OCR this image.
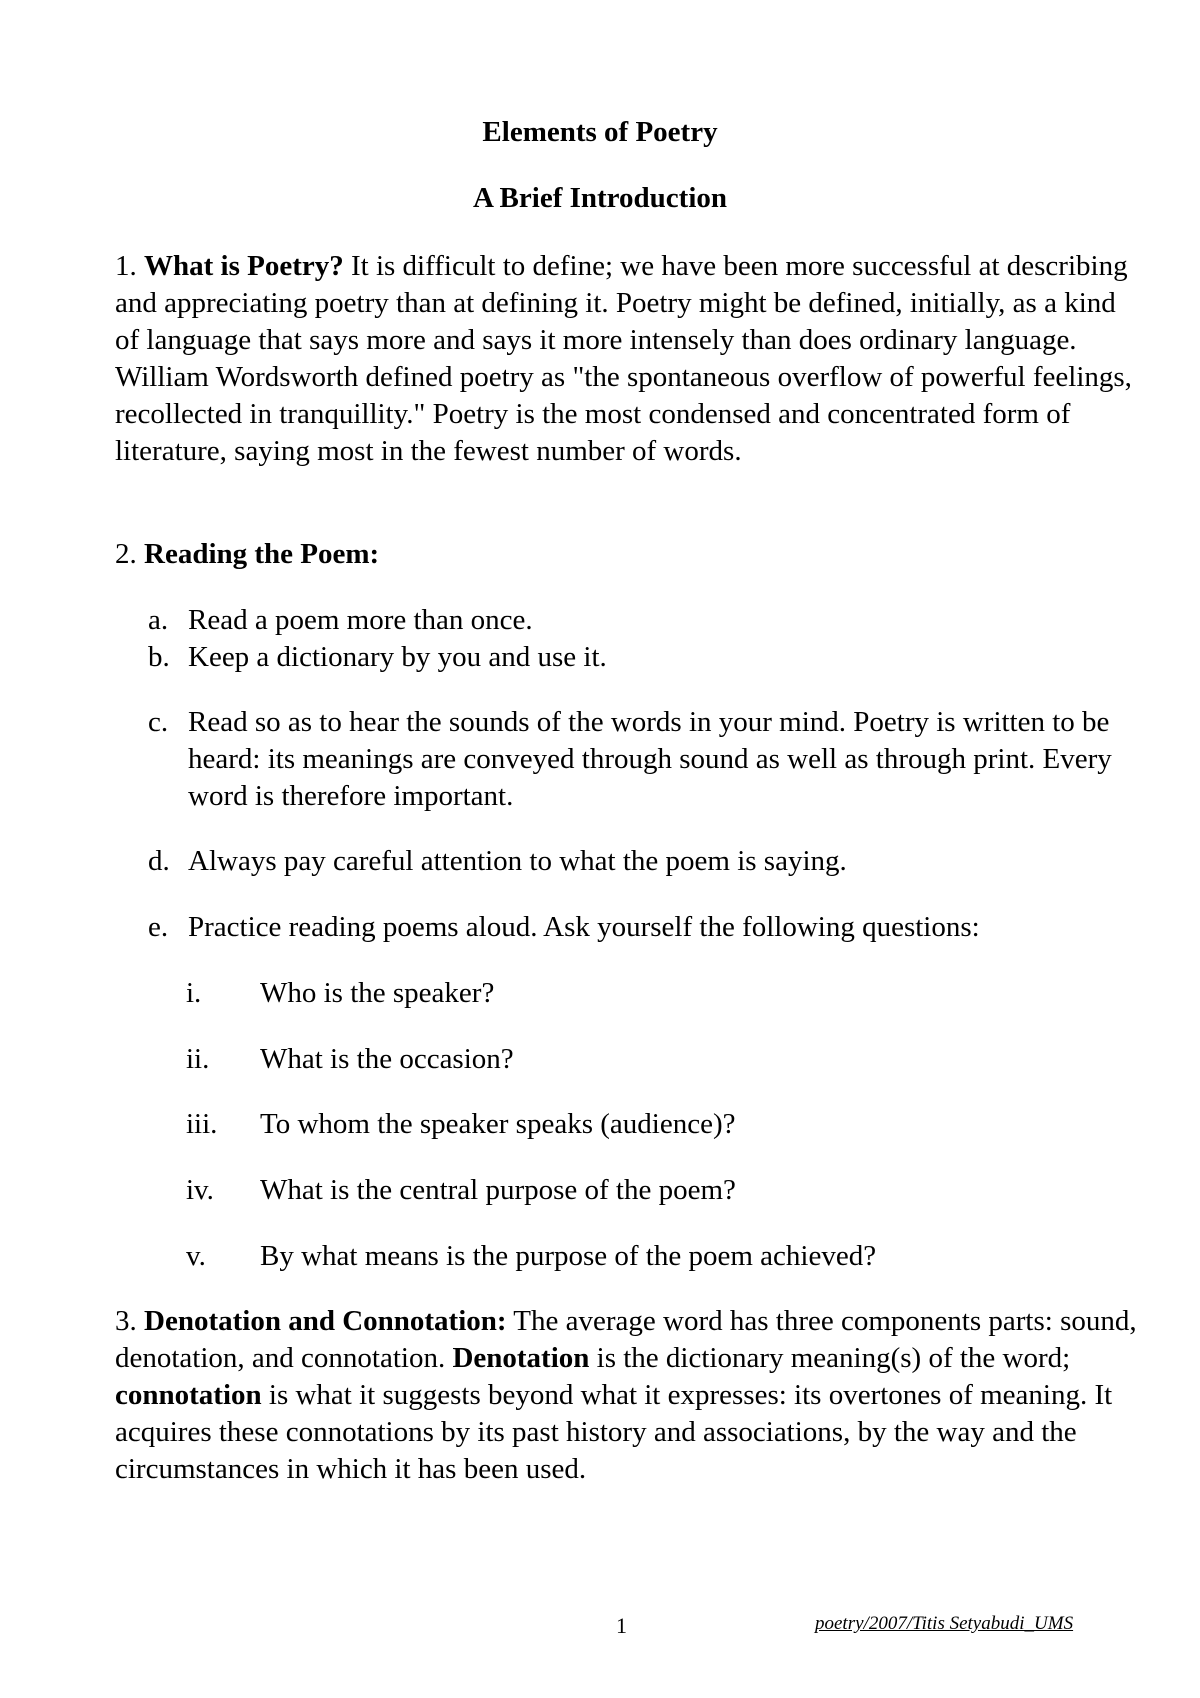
Elements of Poetry
A Brief Introduction

1. What is Poetry? It is difficult to define; we have been more successful at describing and appreciating poetry than at defining it. Poetry might be defined, initially, as a kind of language that says more and says it more intensely than does ordinary language. William Wordsworth defined poetry as "the spontaneous overflow of powerful feelings, recollected in tranquillity." Poetry is the most condensed and concentrated form of literature, saying most in the fewest number of words.

2. Reading the Poem:

a. Read a poem more than once.
b. Keep a dictionary by you and use it.
c. Read so as to hear the sounds of the words in your mind. Poetry is written to be heard: its meanings are conveyed through sound as well as through print. Every word is therefore important.
d. Always pay careful attention to what the poem is saying.
e. Practice reading poems aloud. Ask yourself the following questions:
i.	Who is the speaker?
ii.	What is the occasion?
iii.	To whom the speaker speaks (audience)?
iv.	What is the central purpose of the poem?
v.	By what means is the purpose of the poem achieved?

3. Denotation and Connotation: The average word has three components parts: sound, denotation, and connotation. Denotation is the dictionary meaning(s) of the word; connotation is what it suggests beyond what it expresses: its overtones of meaning. It acquires these connotations by its past history and associations, by the way and the circumstances in which it has been used.

1	poetry/2007/Titis Setyabudi_UMS
